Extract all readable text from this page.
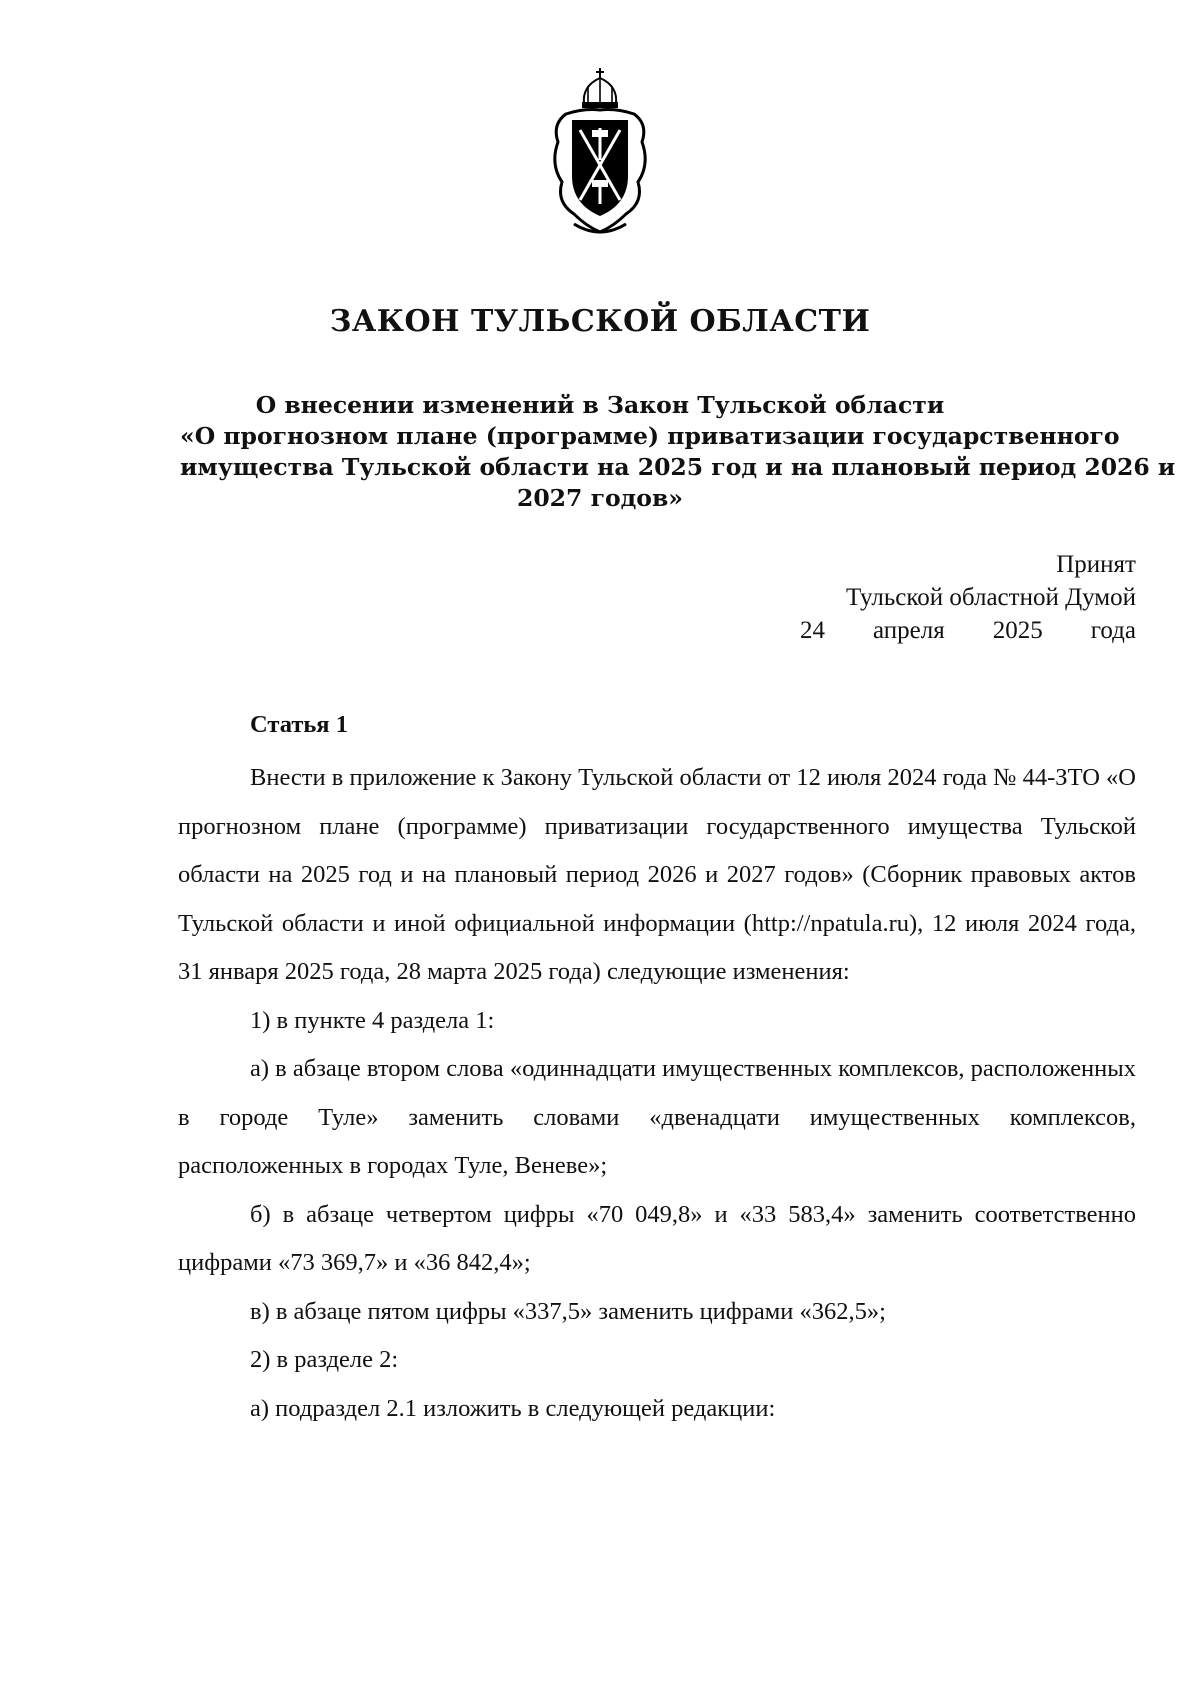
ЗАКОН ТУЛЬСКОЙ ОБЛАСТИ
О внесении изменений в Закон Тульской области
«О прогнозном плане (программе) приватизации государственного
имущества Тульской области на 2025 год и на плановый период 2026 и
2027 годов»
Принят
Тульской областной Думой
24 апреля 2025 года
Статья 1

Внести в приложение к Закону Тульской области от 12 июля 2024 года № 44-ЗТО «О прогнозном плане (программе) приватизации государственного имущества Тульской области на 2025 год и на плановый период 2026 и 2027 годов» (Сборник правовых актов Тульской области и иной официальной информации (http://npatula.ru), 12 июля 2024 года, 31 января 2025 года, 28 марта 2025 года) следующие изменения:

1) в пункте 4 раздела 1:

а) в абзаце втором слова «одиннадцати имущественных комплексов, расположенных в городе Туле» заменить словами «двенадцати имущественных комплексов, расположенных в городах Туле, Веневе»;

б) в абзаце четвертом цифры «70 049,8» и «33 583,4» заменить соответственно цифрами «73 369,7» и «36 842,4»;

в) в абзаце пятом цифры «337,5» заменить цифрами «362,5»;

2) в разделе 2:

а) подраздел 2.1 изложить в следующей редакции:
